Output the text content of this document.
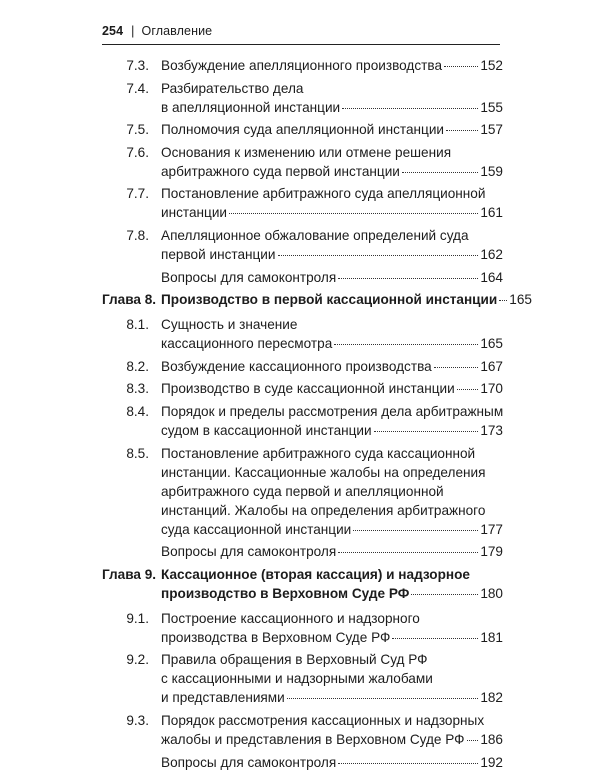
254 | Оглавление
7.3. Возбуждение апелляционного производства	152
7.4. Разбирательство дела
в апелляционной инстанции	155
7.5. Полномочия суда апелляционной инстанции	157
7.6. Основания к изменению или отмене решения
арбитражного суда первой инстанции	159
7.7. Постановление арбитражного суда апелляционной
инстанции	161
7.8. Апелляционное обжалование определений суда
первой инстанции	162
Вопросы для самоконтроля	164
Глава 8. Производство в первой кассационной инстанции 165
8.1. Сущность и значение
кассационного пересмотра	165
8.2. Возбуждение кассационного производства	167
8.3. Производство в суде кассационной инстанции 170
8.4. Порядок и пределы рассмотрения дела арбитражным
судом в кассационной инстанции	173
8.5. Постановление арбитражного суда кассационной
инстанции. Кассационные жалобы на определения
арбитражного суда первой и апелляционной
инстанций. Жалобы на определения арбитражного
суда кассационной инстанции	177
Вопросы для самоконтроля	179
Глава 9. Кассационное (вторая кассация) и надзорное
производство в Верховном Суде РФ	180
9.1. Построение кассационного и надзорного
производства в Верховном Суде РФ	181
9.2. Правила обращения в Верховный Суд РФ
с кассационными и надзорными жалобами
и представлениями	182
9.3. Порядок рассмотрения кассационных и надзорных
жалобы и представления в Верховном Суде РФ 186
Вопросы для самоконтроля	192
